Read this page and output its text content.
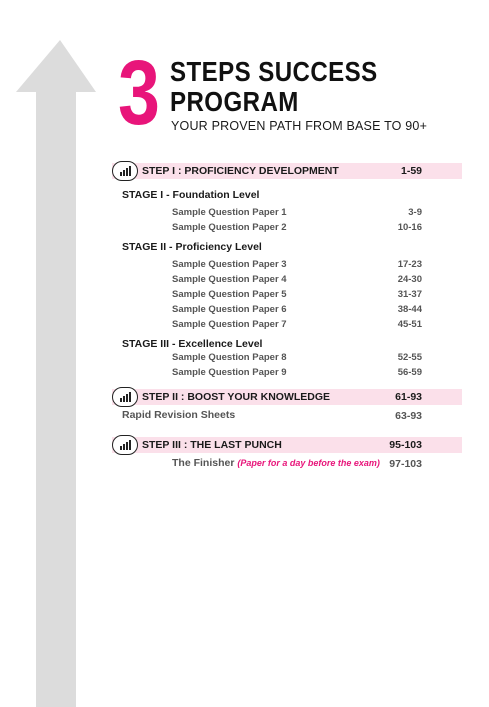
3 STEPS SUCCESS
PROGRAM
YOUR PROVEN PATH FROM BASE TO 90+
STEP I : PROFICIENCY DEVELOPMENT	1-59
STAGE I - Foundation Level
Sample Question Paper 1	3-9
Sample Question Paper 2	10-16
STAGE II - Proficiency Level
Sample Question Paper 3	17-23
Sample Question Paper 4	24-30
Sample Question Paper 5	31-37
Sample Question Paper 6	38-44
Sample Question Paper 7	45-51
STAGE III - Excellence Level
Sample Question Paper 8	52-55
Sample Question Paper 9	56-59
STEP II : BOOST YOUR KNOWLEDGE	61-93
Rapid Revision Sheets	63-93
STEP III : THE LAST PUNCH	95-103
The Finisher (Paper for a day before the exam) 97-103
